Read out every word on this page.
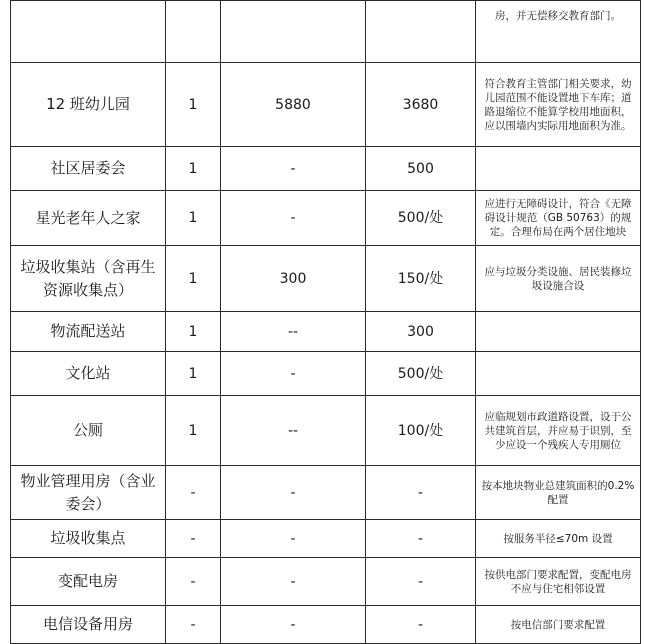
				房，并无偿移交教育部门。
12 班幼儿园	1	5880	3680	符合教育主管部门相关要求，幼儿园范围不能设置地下车库；道路退缩位不能算学校用地面积，应以围墙内实际用地面积为准。
社区居委会	1	-	500	
星光老年人之家	1	-	500/处	应进行无障碍设计，符合《无障碍设计规范（GB 50763）的规定。合理布局在两个居住地块
垃圾收集站（含再生资源收集点）	1	300	150/处	应与垃圾分类设施、居民装修垃圾设施合设
物流配送站	1	--	300	
文化站	1	-	500/处	
公厕	1	--	100/处	应临规划市政道路设置，设于公共建筑首层，并应易于识别，至少应设一个残疾人专用厕位
物业管理用房（含业委会）	-	-	-	按本地块物业总建筑面积的0.2%配置
垃圾收集点	-	-	-	按服务半径≤70m 设置
变配电房	-	-	-	按供电部门要求配置，变配电房不应与住宅相邻设置
电信设备用房	-	-	-	按电信部门要求配置
